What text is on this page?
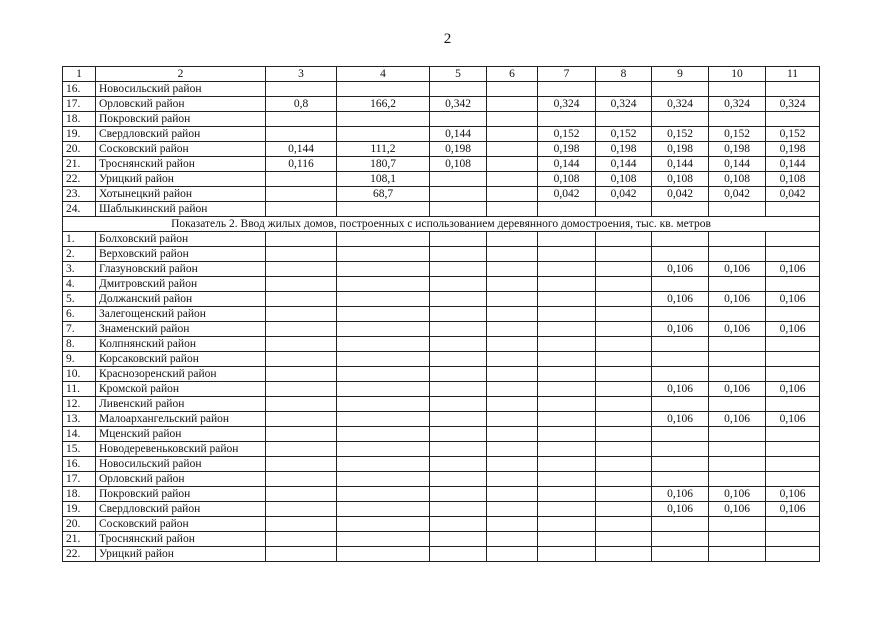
2
1	2	3	4	5	6	7	8	9	10	11
16.	Новосильский район									
17.	Орловский район	0,8	166,2	0,342		0,324	0,324	0,324	0,324	0,324
18.	Покровский район									
19.	Свердловский район			0,144		0,152	0,152	0,152	0,152	0,152
20.	Сосковский район	0,144	111,2	0,198		0,198	0,198	0,198	0,198	0,198
21.	Троснянский район	0,116	180,7	0,108		0,144	0,144	0,144	0,144	0,144
22.	Урицкий район		108,1			0,108	0,108	0,108	0,108	0,108
23.	Хотынецкий район		68,7			0,042	0,042	0,042	0,042	0,042
24.	Шаблыкинский район									
Показатель 2. Ввод жилых домов, построенных с использованием деревянного домостроения, тыс. кв. метров										
1.	Болховский район									
2.	Верховский район									
3.	Глазуновский район							0,106	0,106	0,106
4.	Дмитровский район									
5.	Должанский район							0,106	0,106	0,106
6.	Залегощенский район									
7.	Знаменский район							0,106	0,106	0,106
8.	Колпнянский район									
9.	Корсаковский район									
10.	Краснозоренский район									
11.	Кромской район							0,106	0,106	0,106
12.	Ливенский район									
13.	Малоархангельский район							0,106	0,106	0,106
14.	Мценский район									
15.	Новодеревеньковский район									
16.	Новосильский район									
17.	Орловский район									
18.	Покровский район							0,106	0,106	0,106
19.	Свердловский район							0,106	0,106	0,106
20.	Сосковский район									
21.	Троснянский район									
22.	Урицкий район									
